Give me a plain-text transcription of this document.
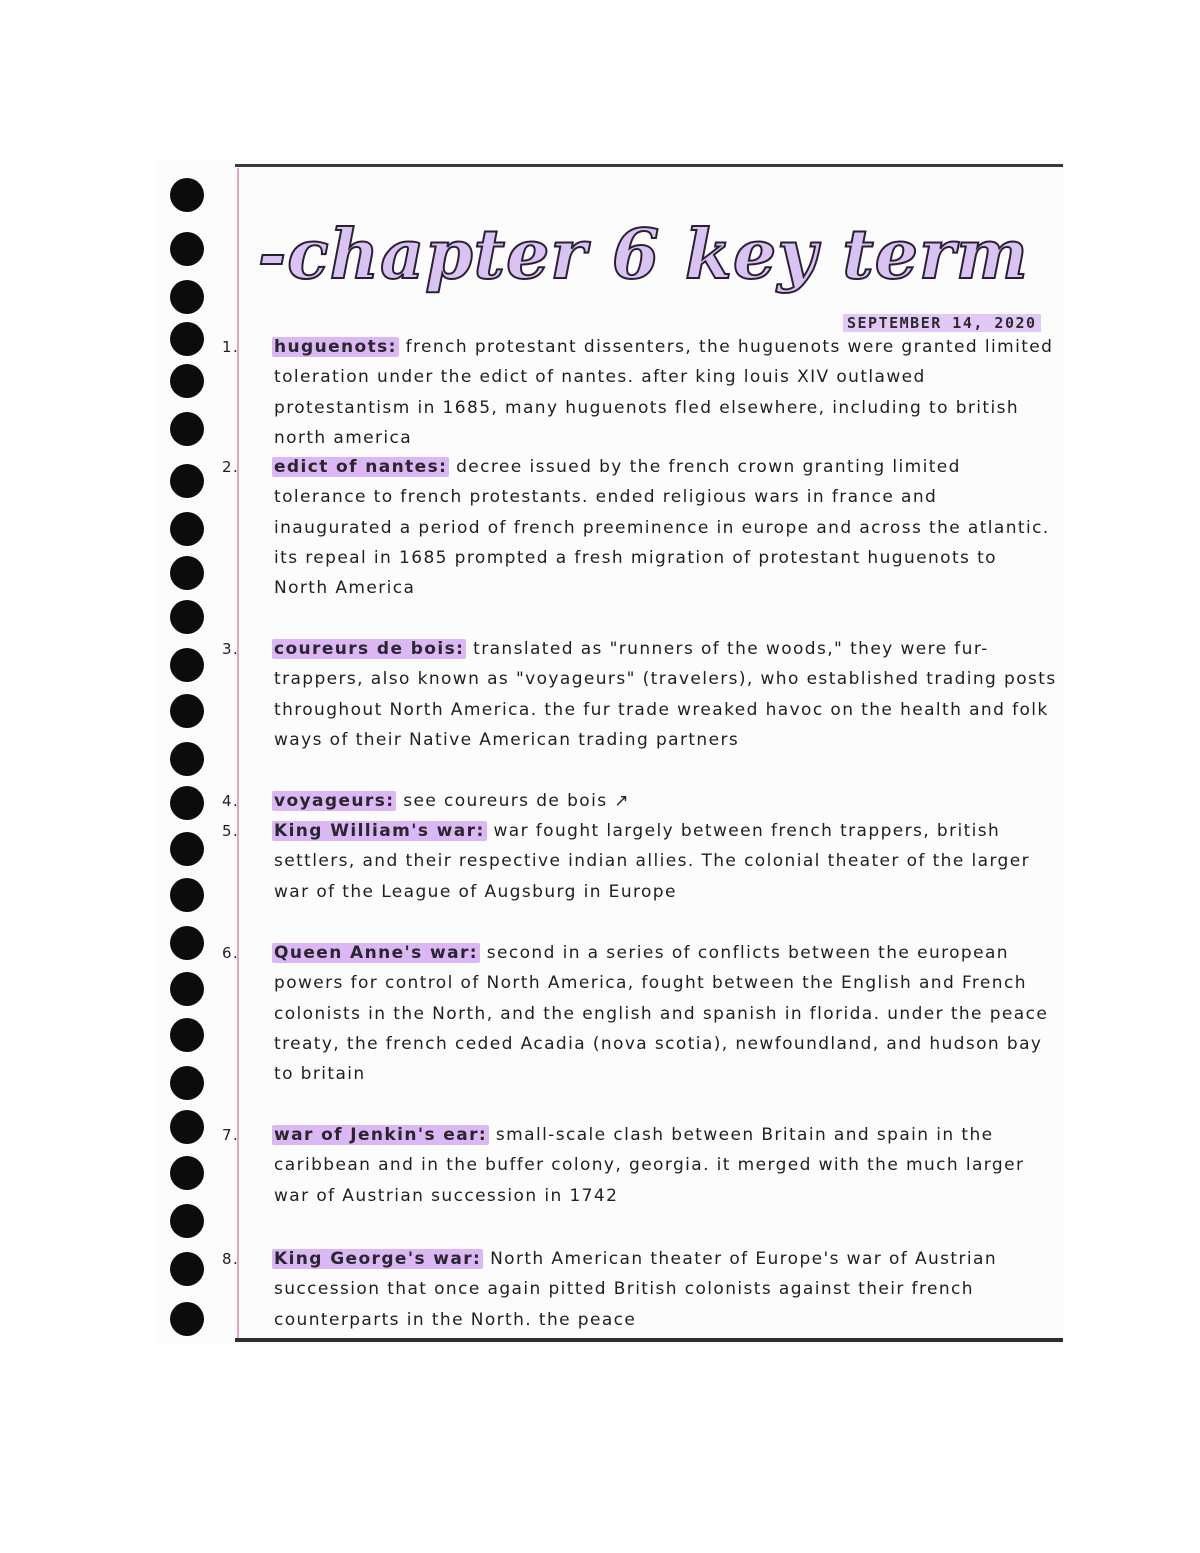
-chapter 6 key term
SEPTEMBER 14, 2020
1. huguenots: french protestant dissenters, the huguenots were granted limited toleration under the edict of nantes. after king louis XIV outlawed protestantism in 1685, many huguenots fled elsewhere, including to british north america
2. edict of nantes: decree issued by the french crown granting limited tolerance to french protestants. ended religious wars in france and inaugurated a period of french preeminence in europe and across the atlantic. its repeal in 1685 prompted a fresh migration of protestant huguenots to North America
3. coureurs de bois: translated as "runners of the woods," they were fur-trappers, also known as "voyageurs" (travelers), who established trading posts throughout North America. the fur trade wreaked havoc on the health and folk ways of their Native American trading partners
4. voyageurs: see coureurs de bois ↗
5. King William's war: war fought largely between french trappers, british settlers, and their respective indian allies. The colonial theater of the larger war of the League of Augsburg in Europe
6. Queen Anne's war: second in a series of conflicts between the european powers for control of North America, fought between the English and French colonists in the North, and the english and spanish in florida. under the peace treaty, the french ceded Acadia (nova scotia), newfoundland, and hudson bay to britain
7. war of Jenkin's ear: small-scale clash between Britain and spain in the caribbean and in the buffer colony, georgia. it merged with the much larger war of Austrian succession in 1742
8. King George's war: North American theater of Europe's war of Austrian succession that once again pitted British colonists against their french counterparts in the North. the peace
